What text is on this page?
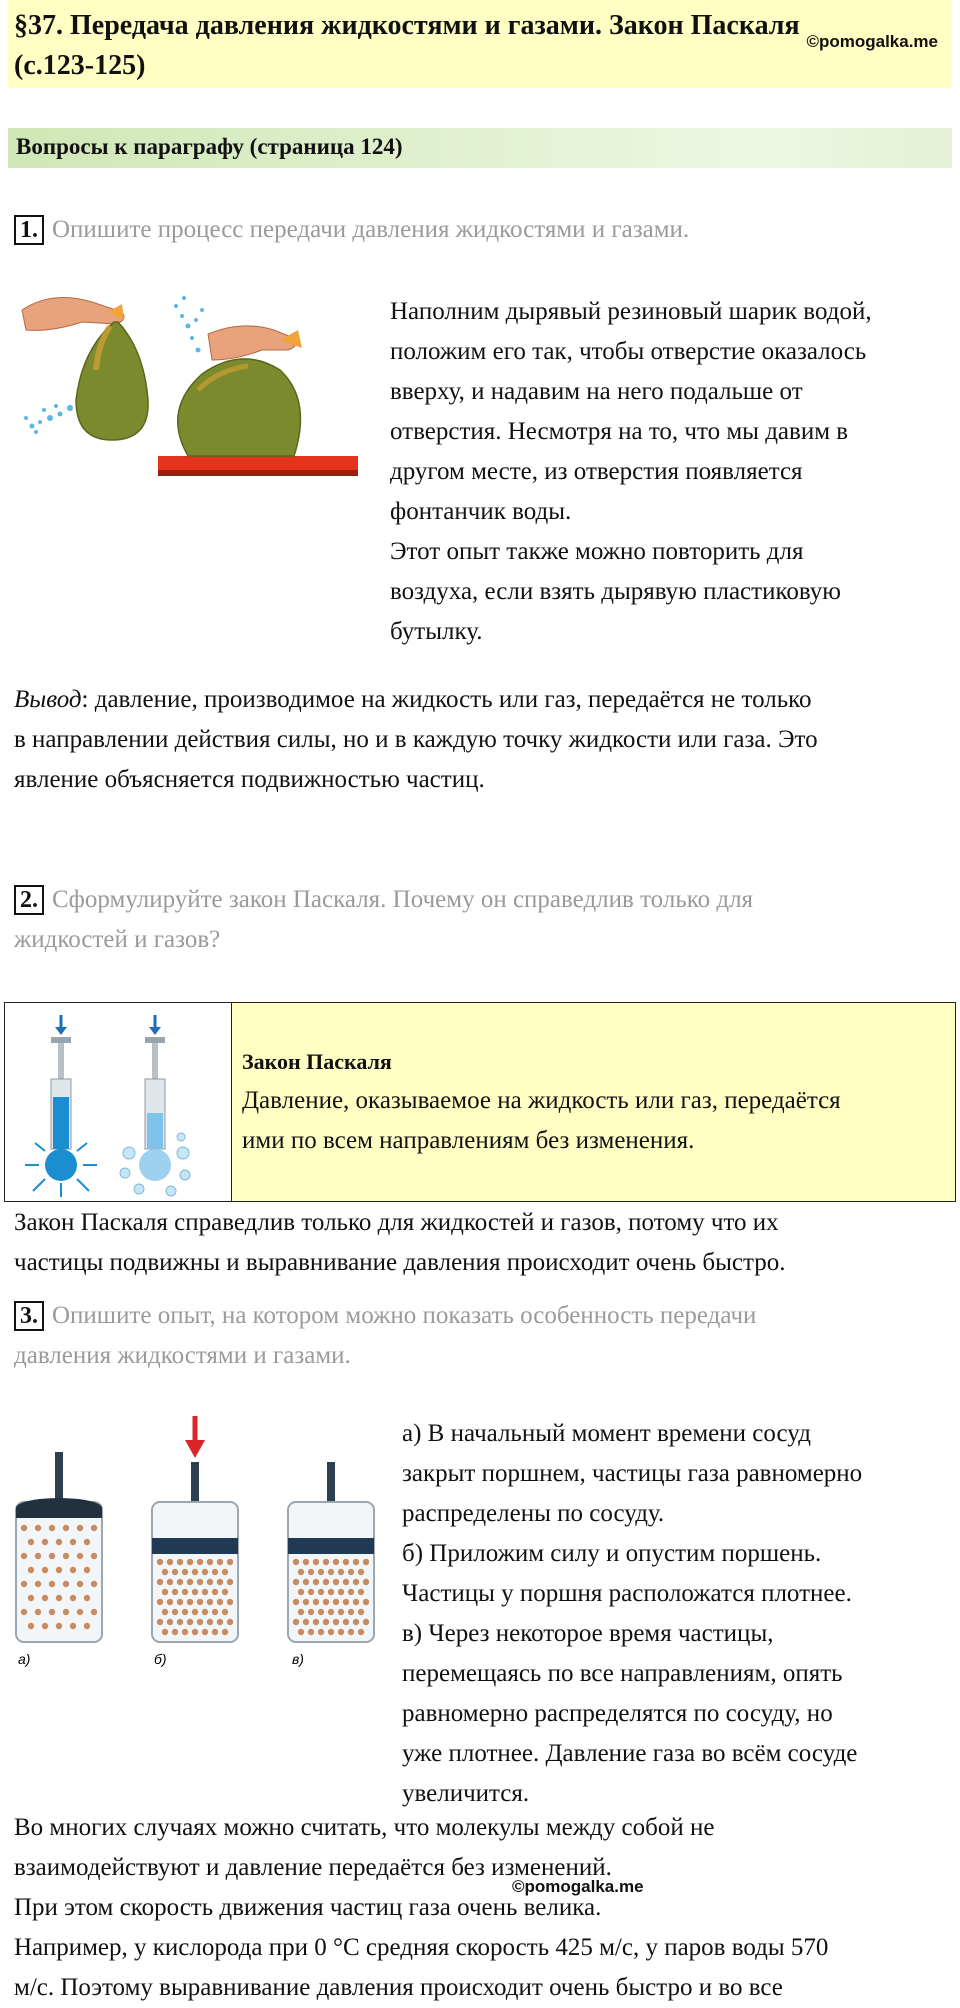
§37. Передача давления жидкостями и газами. Закон Паскаля (с.123-125)
©pomogalka.me
Вопросы к параграфу (страница 124)
1. Опишите процесс передачи давления жидкостями и газами.

Наполним дырявый резиновый шарик водой,

положим его так, чтобы отверстие оказалось

вверху, и надавим на него подальше от

отверстия. Несмотря на то, что мы давим в

другом месте, из отверстия появляется

фонтанчик воды.

Этот опыт также можно повторить для

воздуха, если взять дырявую пластиковую

бутылку.

Вывод: давление, производимое на жидкость или газ, передаётся не только

в направлении действия силы, но и в каждую точку жидкости или газа. Это

явление объясняется подвижностью частиц.

2. Сформулируйте закон Паскаля. Почему он справедлив только для

жидкостей и газов?

Закон Паскаля

Давление, оказываемое на жидкость или газ, передаётся

ими по всем направлениям без изменения.

Закон Паскаля справедлив только для жидкостей и газов, потому что их

частицы подвижны и выравнивание давления происходит очень быстро.

3. Опишите опыт, на котором можно показать особенность передачи

давления жидкостями и газами.

а)	б)	в)

а) В начальный момент времени сосуд

закрыт поршнем, частицы газа равномерно

распределены по сосуду.

б) Приложим силу и опустим поршень.

Частицы у поршня расположатся плотнее.

в) Через некоторое время частицы,

перемещаясь по все направлениям, опять

равномерно распределятся по сосуду, но

уже плотнее. Давление газа во всём сосуде

увеличится.

Во многих случаях можно считать, что молекулы между собой не

взаимодействуют и давление передаётся без изменений.

При этом скорость движения частиц газа очень велика.

Например, у кислорода при 0 °С средняя скорость 425 м/с, у паров воды 570

м/с. Поэтому выравнивание давления происходит очень быстро и во все

©pomogalka.me
